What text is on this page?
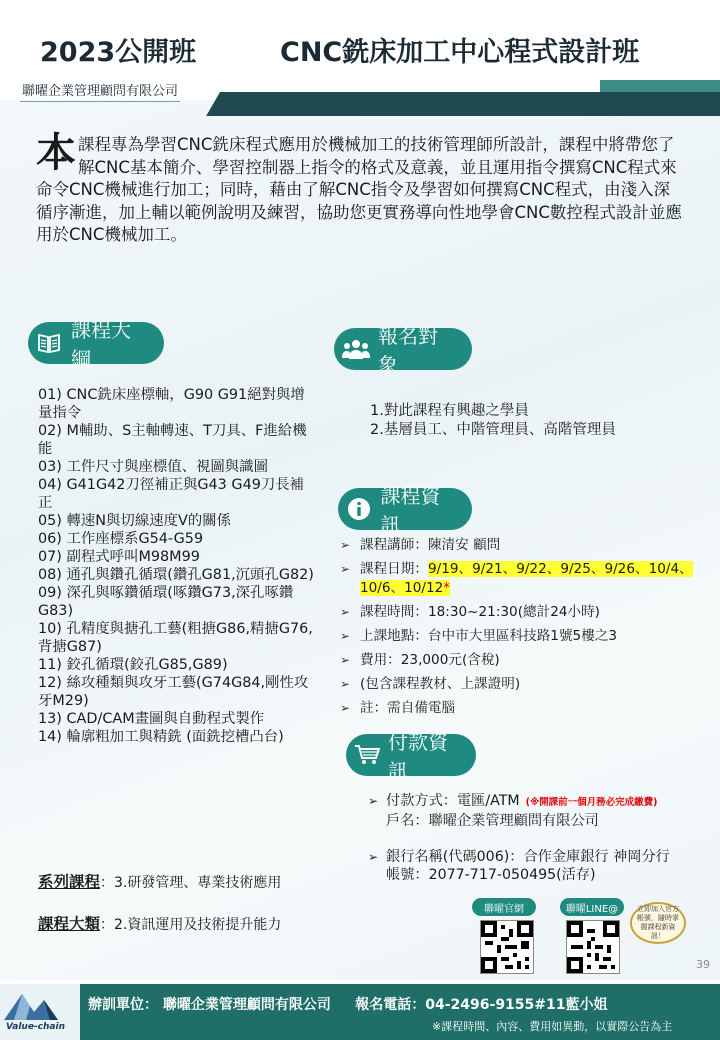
2023公開班	CNC銑床加工中心程式設計班
聯曜企業管理顧問有限公司
本課程專為學習CNC銑床程式應用於機械加工的技術管理師所設計，課程中將帶您了解CNC基本簡介、學習控制器上指令的格式及意義，並且運用指令撰寫CNC程式來命令CNC機械進行加工；同時，藉由了解CNC指令及學習如何撰寫CNC程式，由淺入深循序漸進，加上輔以範例說明及練習，協助您更實務導向性地學會CNC數控程式設計並應用於CNC機械加工。
課程大綱
01) CNC銑床座標軸，G90 G91絕對與增量指令
02) M輔助、S主軸轉速、T刀具、F進給機能
03) 工件尺寸與座標值、視圖與識圖
04) G41G42刀徑補正與G43 G49刀長補正
05) 轉速N與切線速度V的關係
06) 工作座標系G54-G59
07) 副程式呼叫M98M99
08) 通孔與鑽孔循環(鑽孔G81,沉頭孔G82)
09) 深孔與啄鑽循環(啄鑽G73,深孔啄鑽G83)
10) 孔精度與搪孔工藝(粗搪G86,精搪G76,背搪G87)
11) 鉸孔循環(鉸孔G85,G89)
12) 絲攻種類與攻牙工藝(G74G84,剛性攻牙M29)
13) CAD/CAM畫圖與自動程式製作
14) 輪廓粗加工與精銑 (面銑挖槽凸台)
報名對象
1.對此課程有興趣之學員
2.基層員工、中階管理員、高階管理員
課程資訊
➢ 課程講師：陳清安 顧問
➢ 課程日期：9/19、9/21、9/22、9/25、9/26、10/4、10/6、10/12*
➢ 課程時間：18:30~21:30(總計24小時)
➢ 上課地點：台中市大里區科技路1號5樓之3
➢ 費用：23,000元(含稅)
➢ (包含課程教材、上課證明)
➢ 註：需自備電腦
付款資訊
➢ 付款方式：電匯/ATM (※開課前一個月務必完成繳費)
戶名：聯曜企業管理顧問有限公司
➢ 銀行名稱(代碼006)：合作金庫銀行 神岡分行
帳號：2077-717-050495(活存)
系列課程：3.研發管理、專業技術應用
課程大類：2.資訊運用及技術提升能力
聯曜官網	聯曜LINE@	立即加入官方帳號，隨時掌握課程新資訊！
39
Value-chain
辦訓單位： 聯曜企業管理顧問有限公司 報名電話：04-2496-9155#11藍小姐
※課程時間、內容、費用如異動，以實際公告為主
